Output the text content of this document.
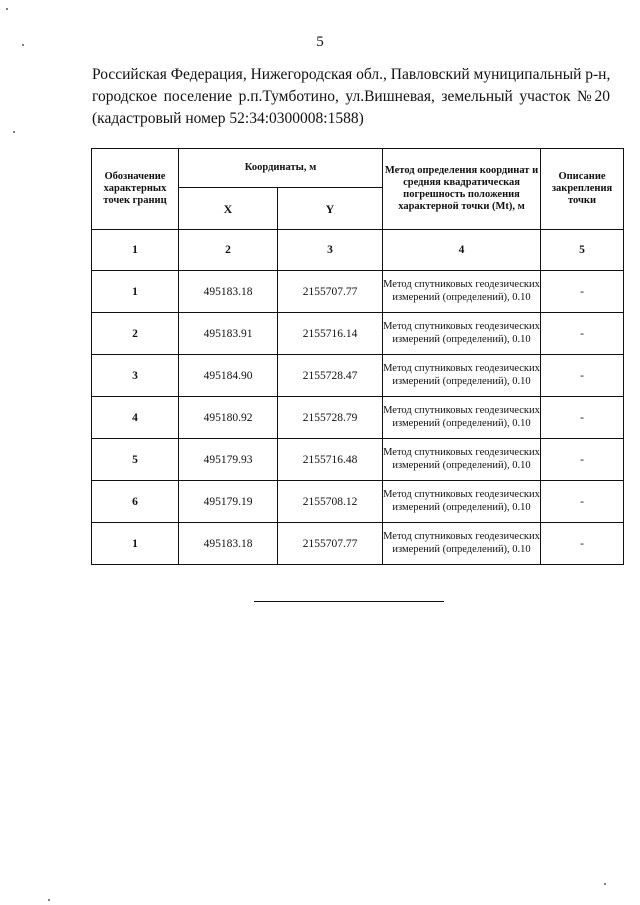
5
Российская Федерация, Нижегородская обл., Павловский муниципальный р-н,
городское поселение р.п.Тумботино, ул.Вишневая, земельный участок №20
(кадастровый номер 52:34:0300008:1588)
Обозначение характерных точек границ	Координаты, м		Метод определения координат и средняя квадратическая погрешность положения характерной точки (Mt), м	Описание закрепления точки
	X	Y		
1	2	3	4	5
1	495183.18	2155707.77	Метод спутниковых геодезических измерений (определений), 0.10	-
2	495183.91	2155716.14	Метод спутниковых геодезических измерений (определений), 0.10	-
3	495184.90	2155728.47	Метод спутниковых геодезических измерений (определений), 0.10	-
4	495180.92	2155728.79	Метод спутниковых геодезических измерений (определений), 0.10	-
5	495179.93	2155716.48	Метод спутниковых геодезических измерений (определений), 0.10	-
6	495179.19	2155708.12	Метод спутниковых геодезических измерений (определений), 0.10	-
1	495183.18	2155707.77	Метод спутниковых геодезических измерений (определений), 0.10	-
